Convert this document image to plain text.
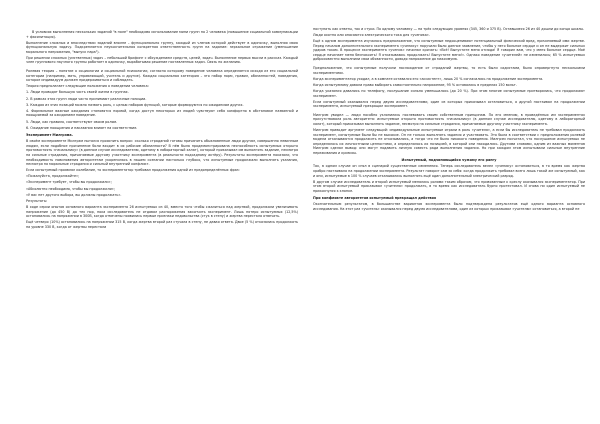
В условиях выполнения нескольких заданий "в поле" необходимо использование мини групп по 2 человека (повышение социальной коммуникации + фасилитация).

Выполнение сложных и впоследствии заданий вполне – функционально группу, каждый из членов которой действует в одиночку, выполняя свою функциональную задачу. Подкрепляется неукоснительная конкретная ответственность групп на задание: зеркальное отражение (уменьшение морального напряжения, "выпуск пара").

При решении сложных (умственных) задач – небольшой брифинг с обсуждением средств, целей, задач. Выполнение первых мысли в рассказ. Каждый член группового научного группы работает в одиночку, вырабатывая решение поставленных задач. Связь по желанию.

Ролевая теория – понятие о социологии и социальной психологии, согласно которому поведение человека определяется исходя из его социальной категории (например, мать, управляющий, учитель и другие). Каждая социальная категория – это набор норм, правил, обязанностей, поведения, которое индивидуум должен придерживаться и соблюдать.

Теория предполагает следующие положения о поведении человека:

1. Люди проводят большую часть своей жизни в группах.

2. В рамках этих групп люди часто принимают различные позиции.

3. Каждая из этих позиций можно назвать роль, с целью наборов функций, которые формируются по ожиданиям других.

4. Формальное важные ожидания становятся нормой, когда доступ некоторых из людей чувствуют себя комфортно в обстановке названной и поощряемой за ожиданием поведение.

5. Люди, как правило, соответствуют своим ролям.

6. Ожидание поощрения и наказания влияет на соответствие.

Эксперимент Милгрэма.

В своём эксперименте Милгрэм пытался прояснить вопрос: сколько страданий готовы причинить обыкновенные люди другим, совершенно невинным людям, если подобное причинение боли входит в их рабочие обязанности? В нём была продемонстрирована неспособность испытуемых открыто противостоять «начальнику» (в данном случае исследователю, одетому в лабораторный халат), который приказывал им выполнять задание, несмотря на сильные страдания, причиняемые другому участнику эксперимента (в реальности подсадному актёру). Результаты эксперимента показали, что необходимость повиновения авторитетам укоренилась в нашем сознании настолько глубоко, что испытуемые продолжали выполнять указания, несмотря на моральные страдания и сильный внутренний конфликт.

Если испытуемый проявлял колебание, то экспериментатор требовал продолжения одной из предопределённых фраз:

«Пожалуйста, продолжайте»;

«Эксперимент требует, чтобы вы продолжили»;

«Абсолютно необходимо, чтобы вы продолжили»;

«У вас нет другого выбора, вы должны продолжать».

Результаты

В ходе серии опытов основного варианта эксперимента 26 испытуемых из 40, вместо того чтобы сжалиться над жертвой, продолжали увеличивать напряжение (до 450 В) до тех пор, пока исследователь не отдавал распоряжения закончить эксперимент. Лишь пятеро испытуемых (12,5%) остановились на напряжении в 300В, когда отмечены появились первые признаки недовольства (стук в стену) и жертва перестала отвечать.

Ещё четверо (10%) остановились на напряжении 315 В, когда жертва второй раз стучала в стену, не давая ответа. Двое (5 %) отказались продолжать на уровне 330 В, когда от жертвы перестали

поступать как ответы, так и стуки. По одному человеку — на трёх следующих уровнях (345, 360 и 375 В). Оставшиеся 26 из 40 дошли до конца шкалы.

Люди охотно или опасаются электрического тока для «ученика».

Ещё к одним эксперимента изучалось предположение, что испытуемые недооценивают потенциальный физический вред, причиняемый ими жертве. Перед началом дополнительного эксперимента «ученику» поручили было данное заявление, чтобы у него больное сердце и он не выдержит сильных ударов током. В процессе эксперимента «ученик» начинал кричать: «Всё! Выпустите меня отсюда! Я говорил вам, что у меня больное сердце. Моё сердце начинает меня беспокоить! Я отказываюсь продолжать! Выпустите меня!». Однако поведение «учителей» не изменилось; 65 % испытуемых добросовестно выполнили свои обязанности, доводя напряжение до максимума.

Предположение, что испытуемые получили наслаждение от страданий жертвы, то есть были садистами, было опровергнуто несколькими экспериментами.

Когда экспериментатор уходил, а в комнате оставался его «ассистент», лишь 20 % согласились на продолжение эксперимента.

Когда испытуемому давали право выбирать самостоятельно напряжение, 95 % оставались в пределах 150 вольт.

Когда указания давались по телефону, послушание сильно уменьшалось (до 20 %). При этом многие испытуемые притворялись, что продолжают эксперимент.

Если испытуемый оказывался перед двумя исследователями, один из которых приказывал остановиться, а другой настаивал на продолжении эксперимента, испытуемый прекращал эксперимент.

Милгрэм увидел — люди пособно уклонились послевовать своим собственным принципам. По его мнению, в проведённых им экспериментах присутствовала роль авторитета: испытуемые открыто противостоять «начальнику» (в данном случае исследователю, одетому в лабораторный халат), который приказывал выполнять задание, несмотря на сильные страдания, причиняемые другому участнику эксперимента.

Милгрэм приводит аргумент следующий: индивидуальные испытуемые играли в роль «учителя», а если бы исследователь не требовал продолжать эксперимент, испытуемые были бы не высокие. Он не только выполнять задания и участвовать. Это была в соответствии с предположения ролевой модели отказываются продолжить не отказывались, а тогда что не было никакого поведения. Милгрэм посчитал, что послушание испытуемых не определялось их личностными ценностями, а определялось их позицией, в которой они находились. Другими словами, одним из важных моментов Милгрэм сделал вывод: они могут подавить личную совесть ради выполнения задания. Но при каждом этом испытывали сильные внутренние переживания и кризисы.

Испытуемый, подчиняющийся чужому его рангу

Так, в одном случае он снял в сценарий существенные изменения. Теперь исследователь велел «ученику» остановиться, в то время как жертва храбро настаивала на продолжении эксперимента. Результат говорит сам за себя: когда продолжить требовал всего лишь такой же испытуемый, как и они, испытуемые в 100 % случаев отказывались выполнять ещё один дополнительный электрический разряд.

В другом случае исследователь и второй испытуемый менялись ролями таким образом, что привязанным к креслу оказывался экспериментатор. При этом второй испытуемый приказывал «учителю» продолжать, в то время как исследователь бурно протестовал. И снова ни один испытуемый не прикоснулся к кнопке.

При конфликте авторитетов испытуемый прекращал действия

Окончательным результатом, в большинстве вариантов эксперимента было подтверждена результатов ещё одного варианта основного исследования. На этот раз «учитель» оказывался перед двумя исследователями, один из которых приказывал «учителю» остановиться, а второй не
